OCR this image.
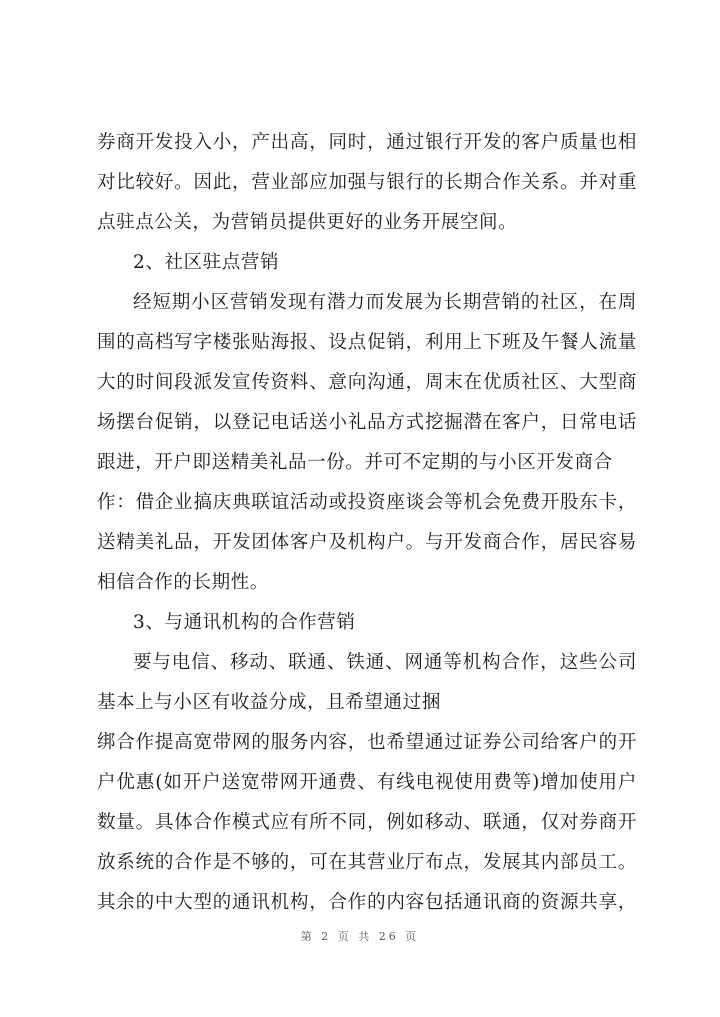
券商开发投入小，产出高，同时，通过银行开发的客户质量也相
对比较好。因此，营业部应加强与银行的长期合作关系。并对重
点驻点公关，为营销员提供更好的业务开展空间。
2、社区驻点营销
经短期小区营销发现有潜力而发展为长期营销的社区，在周
围的高档写字楼张贴海报、设点促销，利用上下班及午餐人流量
大的时间段派发宣传资料、意向沟通，周末在优质社区、大型商
场摆台促销，以登记电话送小礼品方式挖掘潜在客户，日常电话
跟进，开户即送精美礼品一份。并可不定期的与小区开发商合
作：借企业搞庆典联谊活动或投资座谈会等机会免费开股东卡，
送精美礼品，开发团体客户及机构户。与开发商合作，居民容易
相信合作的长期性。
3、与通讯机构的合作营销
要与电信、移动、联通、铁通、网通等机构合作，这些公司
基本上与小区有收益分成，且希望通过捆
绑合作提高宽带网的服务内容，也希望通过证券公司给客户的开
户优惠(如开户送宽带网开通费、有线电视使用费等)增加使用户
数量。具体合作模式应有所不同，例如移动、联通，仅对券商开
放系统的合作是不够的，可在其营业厅布点，发展其内部员工。
其余的中大型的通讯机构，合作的内容包括通讯商的资源共享，
第 2 页 共 26 页
